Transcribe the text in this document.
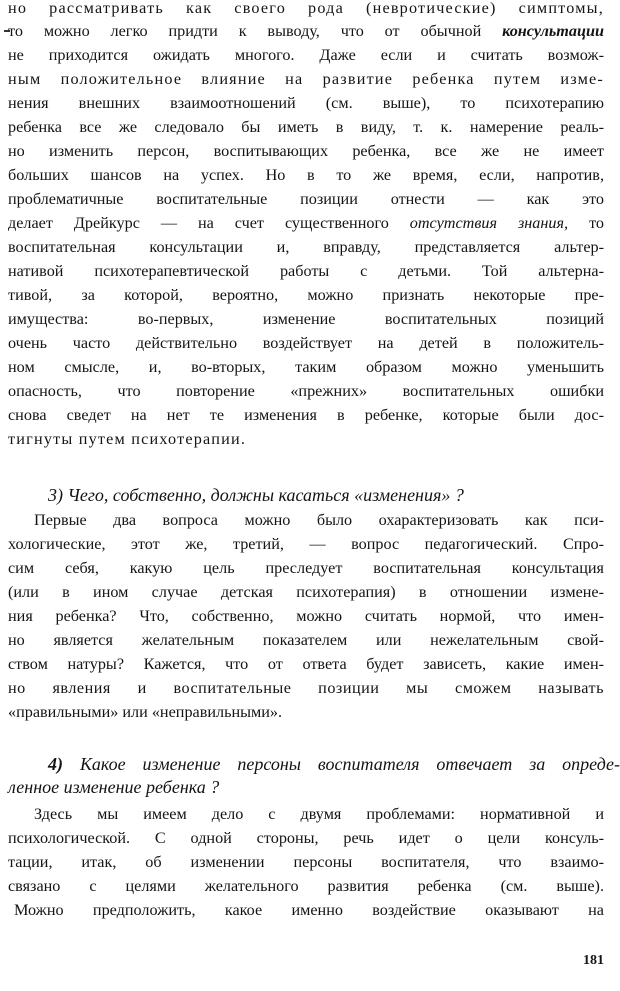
но рассматривать как своего рода (невротические) симптомы,
то можно легко придти к выводу, что от обычной консультации
не приходится ожидать многого. Даже если и считать возмож-
ным положительное влияние на развитие ребенка путем изме-
нения внешних взаимоотношений (см. выше), то психотерапию
ребенка все же следовало бы иметь в виду, т. к. намерение реаль-
но изменить персон, воспитывающих ребенка, все же не имеет
больших шансов на успех. Но в то же время, если, напротив,
проблематичные воспитательные позиции отнести — как это
делает Дрейкурс — на счет существенного отсутствия знания, то
воспитательная консультации и, вправду, представляется альтер-
нативой психотерапевтической работы с детьми. Той альтерна-
тивой, за которой, вероятно, можно признать некоторые пре-
имущества: во-первых, изменение воспитательных позиций
очень часто действительно воздействует на детей в положитель-
ном смысле, и, во-вторых, таким образом можно уменьшить
опасность, что повторение «прежних» воспитательных ошибки
снова сведет на нет те изменения в ребенке, которые были дос-
тигнуты путем психотерапии.
3) Чего, собственно, должны касаться «изменения» ?
Первые два вопроса можно было охарактеризовать как пси-
хологические, этот же, третий, — вопрос педагогический. Спро-
сим себя, какую цель преследует воспитательная консультация
(или в ином случае детская психотерапия) в отношении измене-
ния ребенка? Что, собственно, можно считать нормой, что имен-
но является желательным показателем или нежелательным свой-
ством натуры? Кажется, что от ответа будет зависеть, какие имен-
но явления и воспитательные позиции мы сможем называть
«правильными» или «неправильными».
4) Какое изменение персоны воспитателя отвечает за опреде-
ленное изменение ребенка ?
Здесь мы имеем дело с двумя проблемами: нормативной и
психологической. С одной стороны, речь идет о цели консуль-
тации, итак, об изменении персоны воспитателя, что взаимо-
связано с целями желательного развития ребенка (см. выше).
Можно предположить, какое именно воздействие оказывают на
181
